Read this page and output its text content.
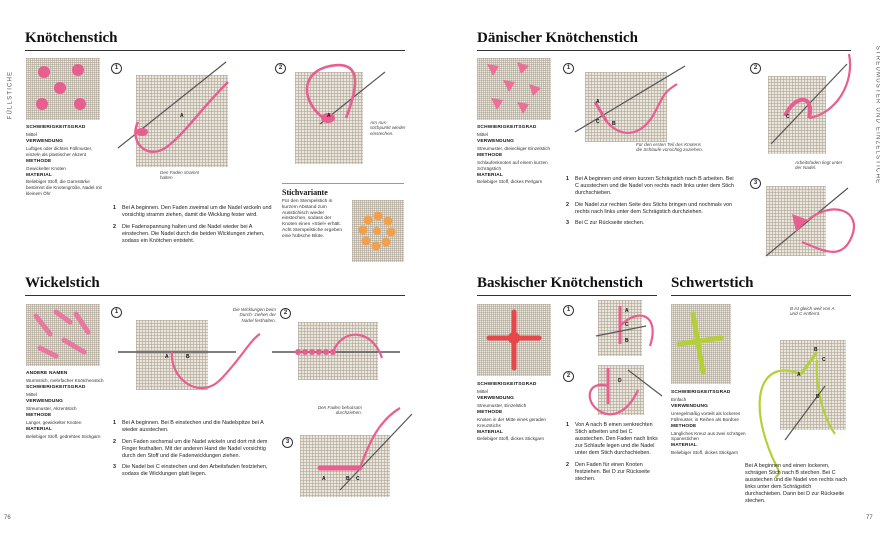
FÜLLSTICHE
Knötchenstich

SCHWIERIGKEITSGRAD

Mittel

VERWENDUNG

Luftiges oder dichtes Füllmuster, einzeln als plastischer Akzent

METHODE

Gewickelter Knoten

MATERIAL

Beliebiger Stoff, die Garnstärke bestimmt die Knotengröße, Nadel mit kleinem Öhr

1
A
Den Faden stramm halten
2
A
Am Aus- stichpunkt wieder einstechen.
1	Bei A beginnen. Den Faden zweimal um die Nadel wickeln und vorsichtig stramm ziehen, damit die Wicklung fester wird.
2	Die Fadenspannung halten und die Nadel wieder bei A einstechen. Die Nadel durch die beiden Wicklungen ziehen, sodass ein Knötchen entsteht.
Stichvariante
Für den Stempelstich in kurzem Abstand zum Ausstichisch wieder einstechen, sodass der Knoten einen »Stiel« erhält. Acht Stempelstiche ergeben eine hübsche Blüte.
Wickelstich

ANDERE NAMEN

Wurmstich, mehrfacher Knötchenstich

SCHWIERIGKEITSGRAD

Mittel

VERWENDUNG

Streumuster, Akzentstich

METHODE

Langer, gewickelter Knoten

MATERIAL

Beliebiger Stoff, gedrehtes Stickgarn

1
A	B
2
Die Wicklungen beim Durch- ziehen der Nadel festhalten.
3
Den Faden behutsam durchziehen.
A	B C
1	Bei A beginnen. Bei B einstechen und die Nadelspitze bei A wieder ausstechen.
2	Den Faden sechsmal um die Nadel wickeln und dort mit dem Finger festhalten. Mit der anderen Hand die Nadel vorsichtig durch den Stoff und die Fadenwicklungen ziehen.
3	Die Nadel bei C einstechen und den Arbeitsfaden festziehen, sodass die Wicklungen glatt liegen.
76
STREUMUSTER UND EINZELSTICHE
Dänischer Knötchenstich

SCHWIERIGKEITSGRAD

Mittel

VERWENDUNG

Streumuster, dreieckiger Einzelstich

METHODE

Schlaufenknoten auf einem kurzen Schrägstich

MATERIAL

Beliebiger Stoff, dickes Perlgarn

1
A
C B
Für den ersten Teil des Knotens die Schlaufe vorsichtig zuziehen.
2
C
Arbeitsfaden liegt unter der Nadel.
3
1	Bei A beginnen und einen kurzen Schrägstich nach B arbeiten. Bei C ausstechen und die Nadel von rechts nach links unter dem Stich durchschieben.
2	Die Nadel zur rechten Seite des Stichs bringen und nochmals von rechts nach links unter dem Schrägstich durchziehen.
3	Bei C zur Rückseite stechen.
Baskischer Knötchenstich

SCHWIERIGKEITSGRAD

Mittel

VERWENDUNG

Streumuster, Einzelstich

METHODE

Knoten in der Mitte eines geraden Kreuzstichs

MATERIAL

Beliebiger Stoff, dickes Stickgarn

1	A
C
B
2
D
1	Von A nach B einen senkrechten Stich arbeiten und bei C ausstechen. Den Faden nach links zur Schlaufe legen und die Nadel unter dem Stich durchschieben.
2	Den Faden für einen Knoten festziehen. Bei D zur Rückseite stechen.
Schwertstich

SCHWIERIGKEITSGRAD

Einfach

VERWENDUNG

Unregelmäßig vorteilt als lockeres Füllmuster, in Reihen als Bordüre

METHODE

Längliches Kreuz aus zwei schrägen Spannstichen

MATERIAL

Beliebiger Stoff, dickes Stickgarn

B ist gleich weit von A und C entfernt.
B
C
A
D
Bei A beginnen und einen lockeren, schrägen Stich nach B stechen. Bei C ausstechen und die Nadel von rechts nach links unter dem Schrägstich durchschieben. Dann bei D zur Rückseite stechen.
77
